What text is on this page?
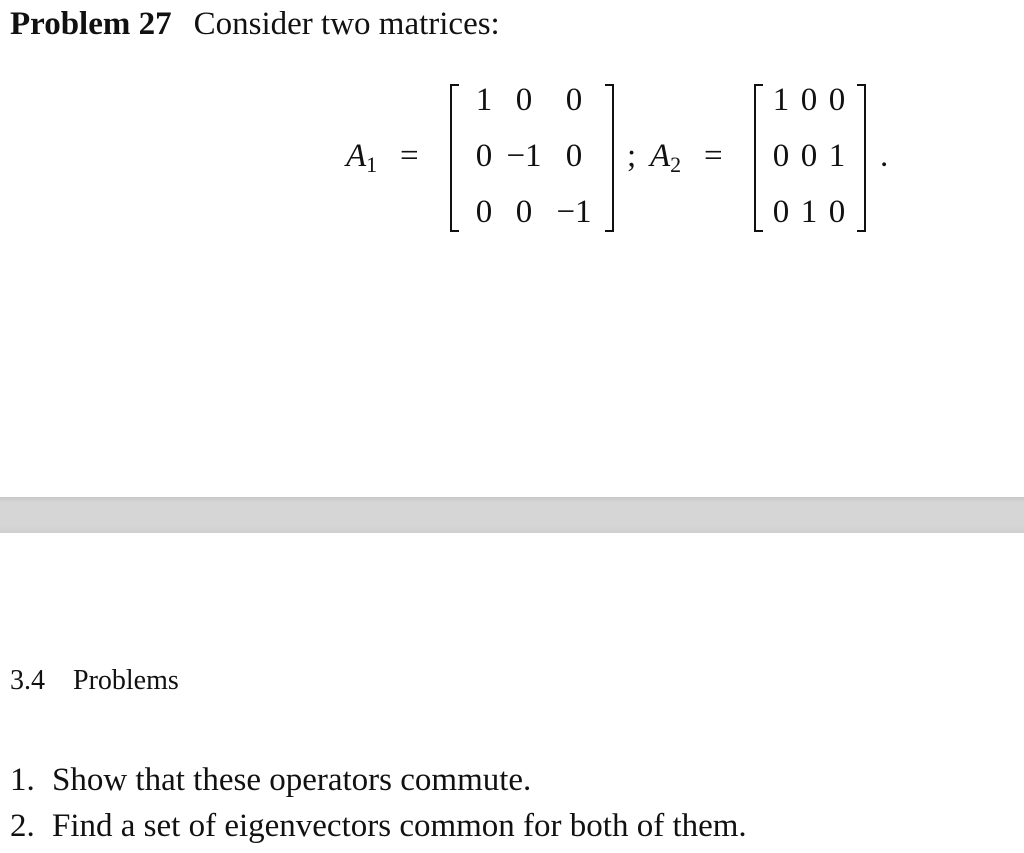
Problem 27 Consider two matrices:
$A_1$ =
1 0	0
0 −1 0
0 0 −1
; $A_2$ =
1 0 0
0 0 1
0 1 0
.
3.4 Problems
1. Show that these operators commute.
2. Find a set of eigenvectors common for both of them.
